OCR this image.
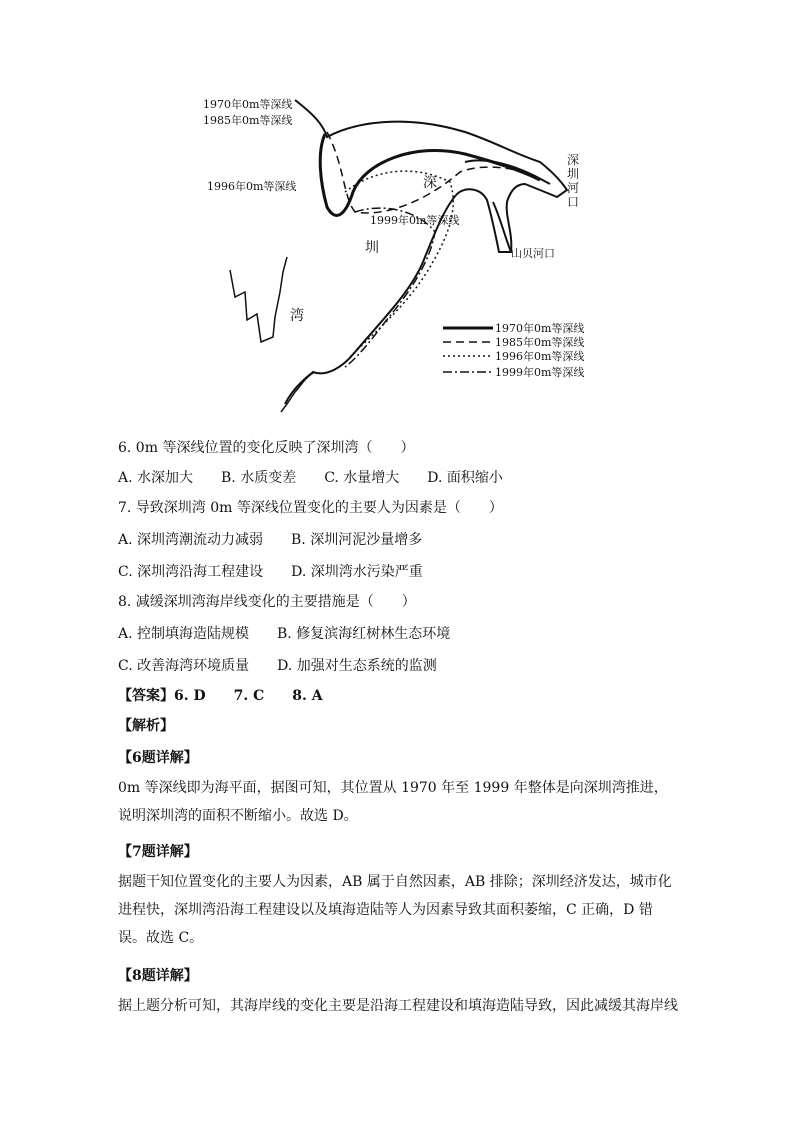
1970年0m等深线
1985年0m等深线
1996年0m等深线
1999年0m等深线
深
圳
湾
深
圳
河
口
山贝河口
1970年0m等深线
1985年0m等深线
1996年0m等深线
1999年0m等深线
6. 0m 等深线位置的变化反映了深圳湾（　　）
A. 水深加大　　B. 水质变差　　C. 水量增大　　D. 面积缩小
7. 导致深圳湾 0m 等深线位置变化的主要人为因素是（　　）
A. 深圳湾潮流动力减弱　　B. 深圳河泥沙量增多
C. 深圳湾沿海工程建设　　D. 深圳湾水污染严重
8. 减缓深圳湾海岸线变化的主要措施是（　　）
A. 控制填海造陆规模　　B. 修复滨海红树林生态环境
C. 改善海湾环境质量　　D. 加强对生态系统的监测
【答案】6. D　　7. C　　8. A
【解析】
【6题详解】
0m 等深线即为海平面，据图可知，其位置从 1970 年至 1999 年整体是向深圳湾推进，说明深圳湾的面积不断缩小。故选 D。
【7题详解】
据题干知位置变化的主要人为因素，AB 属于自然因素，AB 排除；深圳经济发达，城市化进程快，深圳湾沿海工程建设以及填海造陆等人为因素导致其面积萎缩，C 正确，D 错误。故选 C。
【8题详解】
据上题分析可知，其海岸线的变化主要是沿海工程建设和填海造陆导致，因此减缓其海岸线
